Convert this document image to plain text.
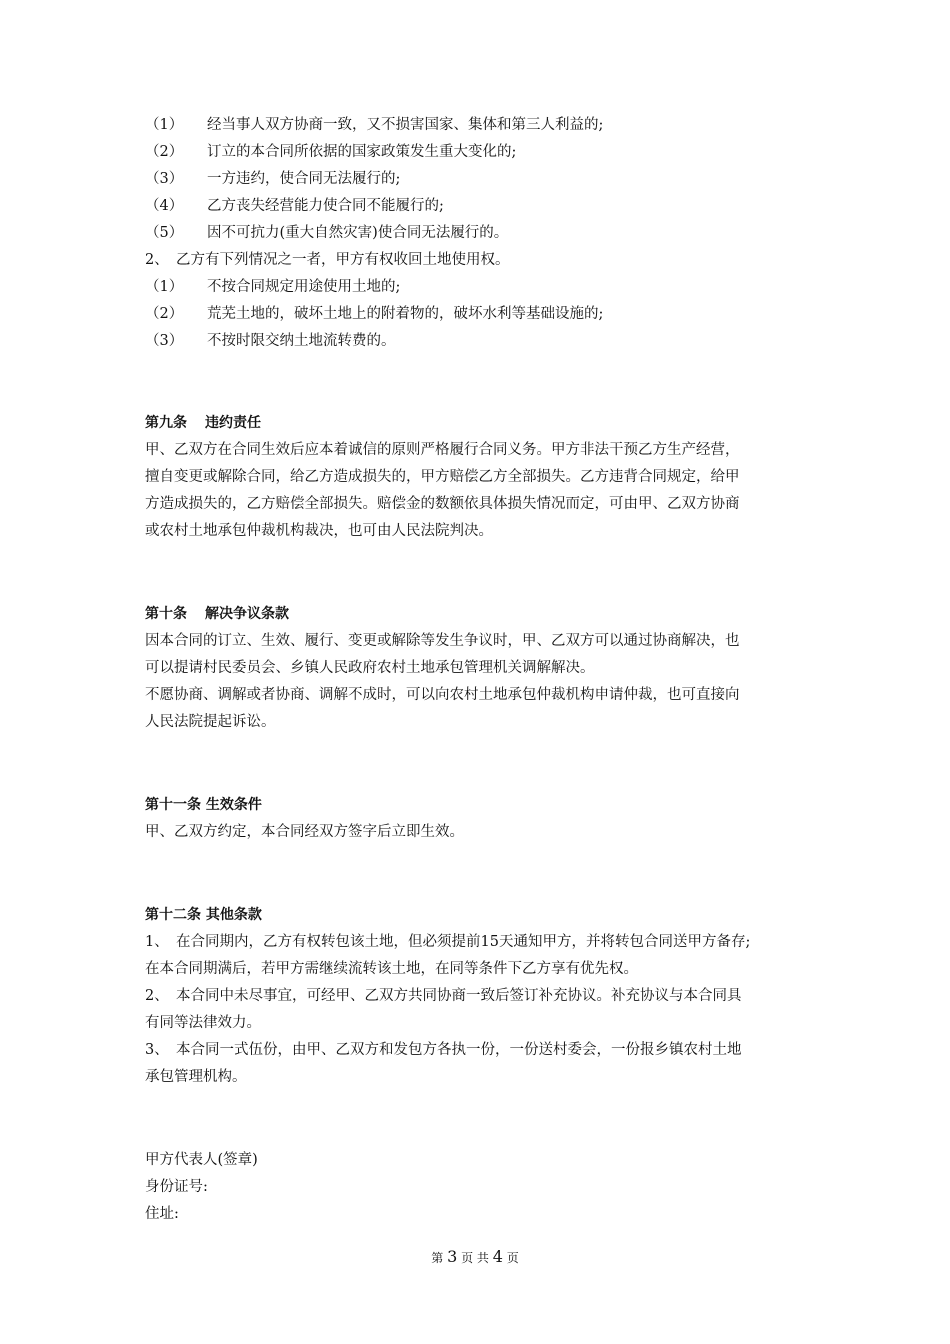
（1） 经当事人双方协商一致，又不损害国家、集体和第三人利益的;
（2） 订立的本合同所依据的国家政策发生重大变化的;
（3） 一方违约，使合同无法履行的;
（4） 乙方丧失经营能力使合同不能履行的;
（5） 因不可抗力(重大自然灾害)使合同无法履行的。
2、 乙方有下列情况之一者，甲方有权收回土地使用权。
（1） 不按合同规定用途使用土地的;
（2） 荒芜土地的，破坏土地上的附着物的，破坏水利等基础设施的;
（3） 不按时限交纳土地流转费的。
第九条 违约责任
甲、乙双方在合同生效后应本着诚信的原则严格履行合同义务。甲方非法干预乙方生产经营，
擅自变更或解除合同，给乙方造成损失的，甲方赔偿乙方全部损失。乙方违背合同规定，给甲
方造成损失的，乙方赔偿全部损失。赔偿金的数额依具体损失情况而定，可由甲、乙双方协商
或农村土地承包仲裁机构裁决，也可由人民法院判决。
第十条 解决争议条款
因本合同的订立、生效、履行、变更或解除等发生争议时，甲、乙双方可以通过协商解决，也
可以提请村民委员会、乡镇人民政府农村土地承包管理机关调解解决。
不愿协商、调解或者协商、调解不成时，可以向农村土地承包仲裁机构申请仲裁，也可直接向
人民法院提起诉讼。
第十一条 生效条件
甲、乙双方约定，本合同经双方签字后立即生效。
第十二条 其他条款
1、 在合同期内，乙方有权转包该土地，但必须提前15天通知甲方，并将转包合同送甲方备存;
在本合同期满后，若甲方需继续流转该土地，在同等条件下乙方享有优先权。
2、 本合同中未尽事宜，可经甲、乙双方共同协商一致后签订补充协议。补充协议与本合同具
有同等法律效力。
3、 本合同一式伍份，由甲、乙双方和发包方各执一份，一份送村委会，一份报乡镇农村土地
承包管理机构。
甲方代表人(签章)
身份证号:
住址:
第 3 页 共 4 页
